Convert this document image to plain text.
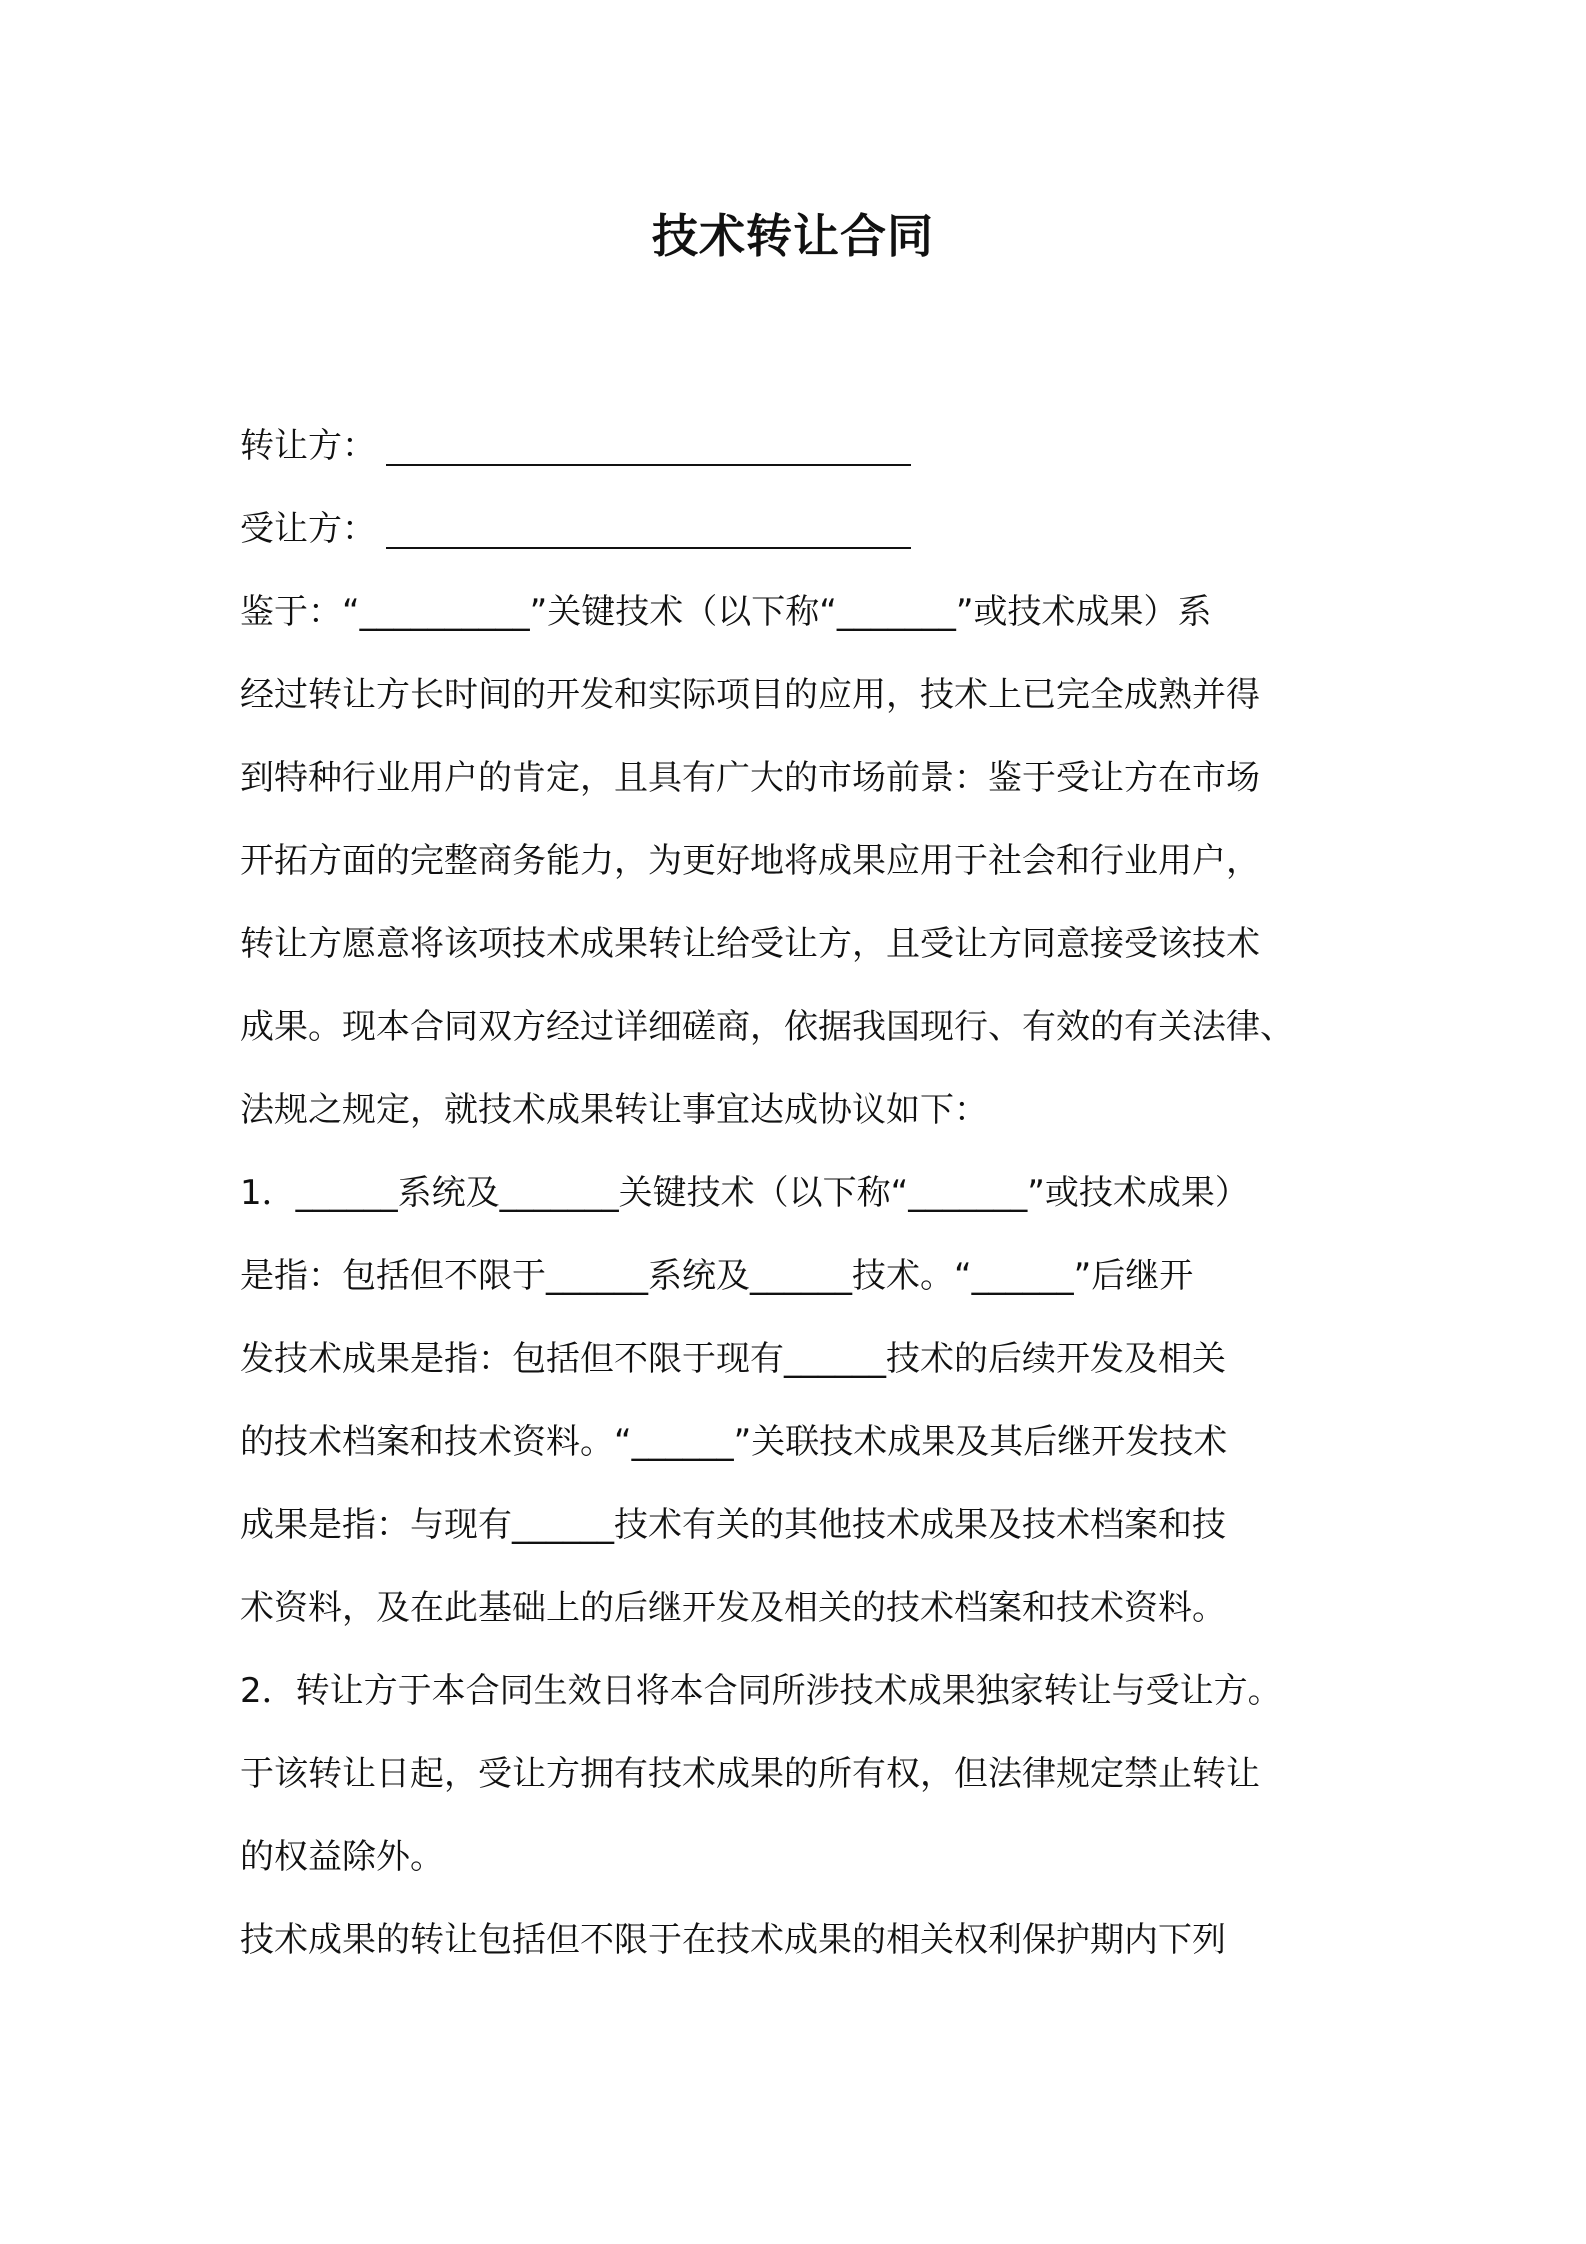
技术转让合同
转让方：
受让方：
鉴于：“__________”关键技术（以下称“_______”或技术成果）系
经过转让方长时间的开发和实际项目的应用，技术上已完全成熟并得
到特种行业用户的肯定，且具有广大的市场前景：鉴于受让方在市场
开拓方面的完整商务能力，为更好地将成果应用于社会和行业用户，
转让方愿意将该项技术成果转让给受让方，且受让方同意接受该技术
成果。现本合同双方经过详细磋商，依据我国现行、有效的有关法律、
法规之规定，就技术成果转让事宜达成协议如下：
1．______系统及_______关键技术（以下称“_______”或技术成果）
是指：包括但不限于______系统及______技术。“______”后继开
发技术成果是指：包括但不限于现有______技术的后续开发及相关
的技术档案和技术资料。“______”关联技术成果及其后继开发技术
成果是指：与现有______技术有关的其他技术成果及技术档案和技
术资料，及在此基础上的后继开发及相关的技术档案和技术资料。
2．转让方于本合同生效日将本合同所涉技术成果独家转让与受让方。
于该转让日起，受让方拥有技术成果的所有权，但法律规定禁止转让
的权益除外。
技术成果的转让包括但不限于在技术成果的相关权利保护期内下列
